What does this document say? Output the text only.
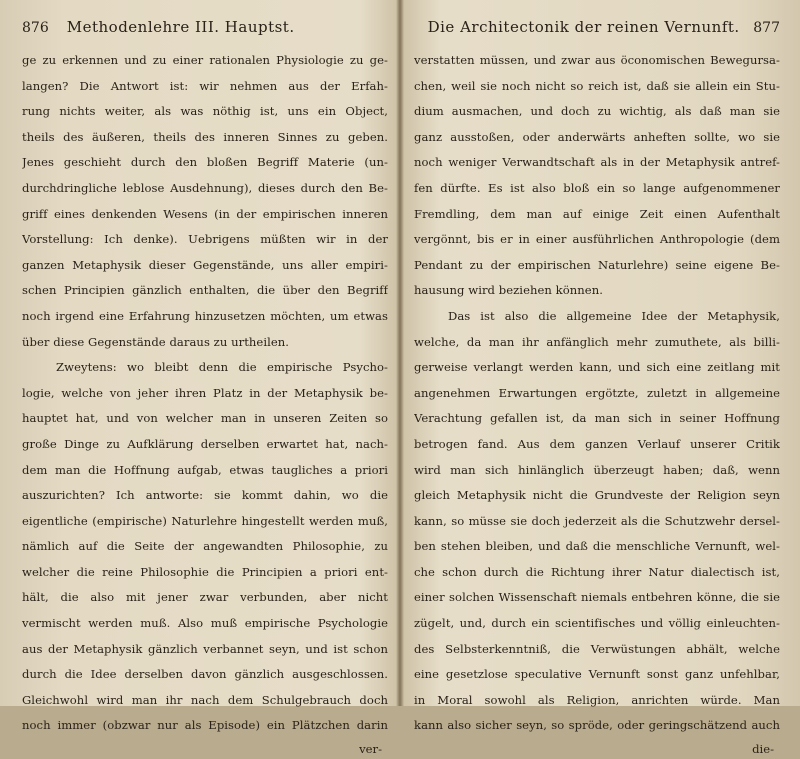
876	Methodenlehre III. Hauptst.
ge zu erkennen und zu einer rationalen Physiologie zu ge-
langen? Die Antwort ist: wir nehmen aus der Erfah-
rung nichts weiter, als was nöthig ist, uns ein Object,
theils des äußeren, theils des inneren Sinnes zu geben.
Jenes geschieht durch den bloßen Begriff Materie (un-
durchdringliche leblose Ausdehnung), dieses durch den Be-
griff eines denkenden Wesens (in der empirischen inneren
Vorstellung: Ich denke). Uebrigens müßten wir in der
ganzen Metaphysik dieser Gegenstände, uns aller empiri-
schen Principien gänzlich enthalten, die über den Begriff
noch irgend eine Erfahrung hinzusetzen möchten, um etwas
über diese Gegenstände daraus zu urtheilen.
Zweytens: wo bleibt denn die empirische Psycho-
logie, welche von jeher ihren Platz in der Metaphysik be-
hauptet hat, und von welcher man in unseren Zeiten so
große Dinge zu Aufklärung derselben erwartet hat, nach-
dem man die Hoffnung aufgab, etwas taugliches a priori
auszurichten? Ich antworte: sie kommt dahin, wo die
eigentliche (empirische) Naturlehre hingestellt werden muß,
nämlich auf die Seite der angewandten Philosophie, zu
welcher die reine Philosophie die Principien a priori ent-
hält, die also mit jener zwar verbunden, aber nicht
vermischt werden muß. Also muß empirische Psychologie
aus der Metaphysik gänzlich verbannet seyn, und ist schon
durch die Idee derselben davon gänzlich ausgeschlossen.
Gleichwohl wird man ihr nach dem Schulgebrauch doch
noch immer (obzwar nur als Episode) ein Plätzchen darin
ver-
Die Architectonik der reinen Vernunft. 877
verstatten müssen, und zwar aus öconomischen Bewegursa-
chen, weil sie noch nicht so reich ist, daß sie allein ein Stu-
dium ausmachen, und doch zu wichtig, als daß man sie
ganz ausstoßen, oder anderwärts anheften sollte, wo sie
noch weniger Verwandtschaft als in der Metaphysik antref-
fen dürfte. Es ist also bloß ein so lange aufgenommener
Fremdling, dem man auf einige Zeit einen Aufenthalt
vergönnt, bis er in einer ausführlichen Anthropologie (dem
Pendant zu der empirischen Naturlehre) seine eigene Be-
hausung wird beziehen können.
Das ist also die allgemeine Idee der Metaphysik,
welche, da man ihr anfänglich mehr zumuthete, als billi-
gerweise verlangt werden kann, und sich eine zeitlang mit
angenehmen Erwartungen ergötzte, zuletzt in allgemeine
Verachtung gefallen ist, da man sich in seiner Hoffnung
betrogen fand. Aus dem ganzen Verlauf unserer Critik
wird man sich hinlänglich überzeugt haben; daß, wenn
gleich Metaphysik nicht die Grundveste der Religion seyn
kann, so müsse sie doch jederzeit als die Schutzwehr dersel-
ben stehen bleiben, und daß die menschliche Vernunft, wel-
che schon durch die Richtung ihrer Natur dialectisch ist,
einer solchen Wissenschaft niemals entbehren könne, die sie
zügelt, und, durch ein scientifisches und völlig einleuchten-
des Selbsterkenntniß, die Verwüstungen abhält, welche
eine gesetzlose speculative Vernunft sonst ganz unfehlbar,
in Moral sowohl als Religion, anrichten würde. Man
kann also sicher seyn, so spröde, oder geringschätzend auch
die-
